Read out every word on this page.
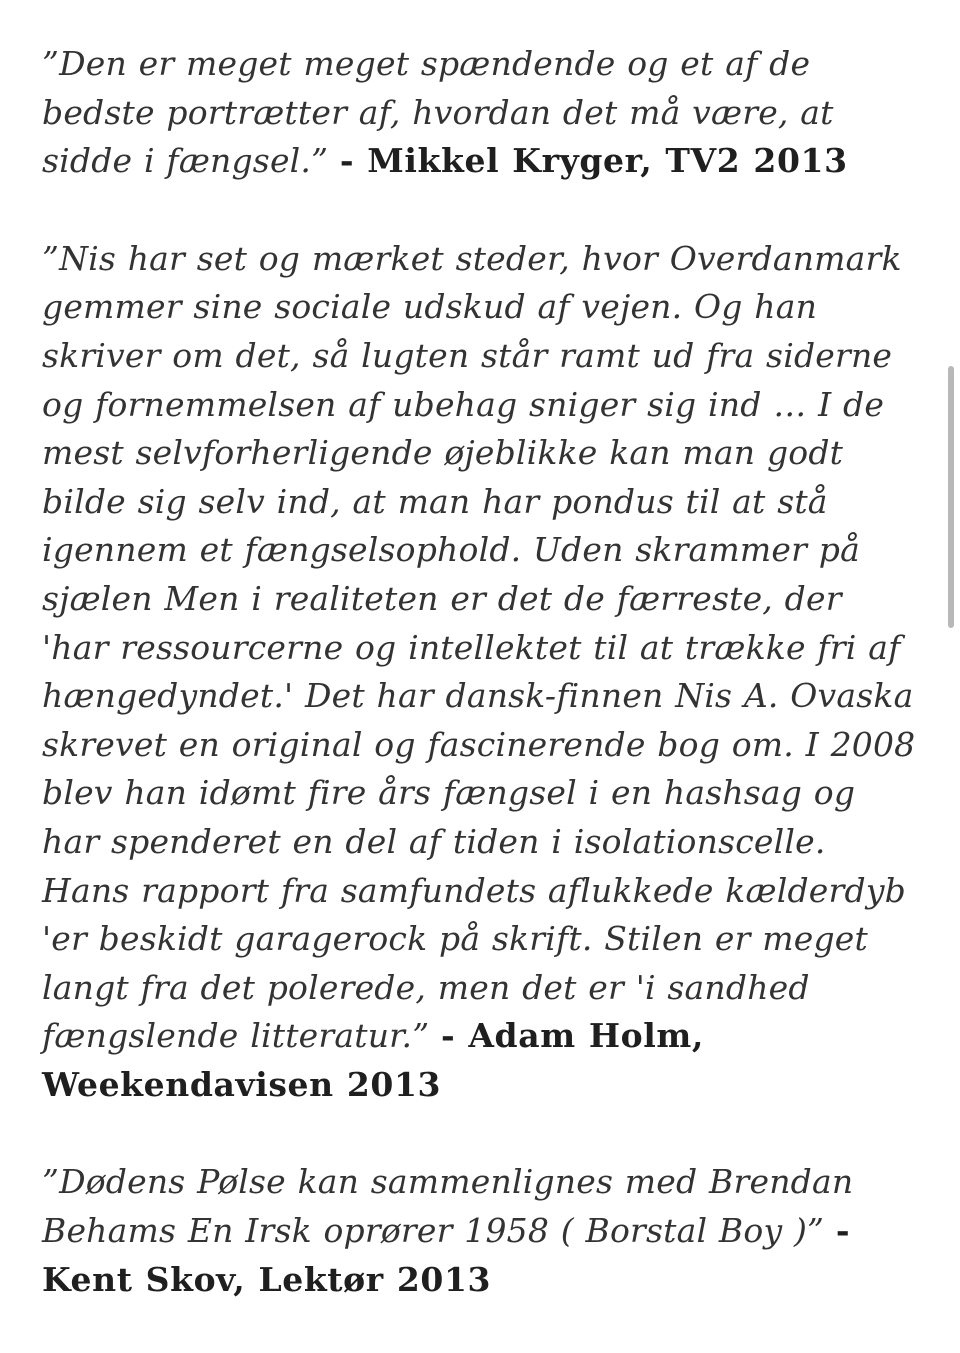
”Den er meget meget spændende og et af de bedste portrætter af, hvordan det må være, at sidde i fængsel.” - Mikkel Kryger, TV2 2013

”Nis har set og mærket steder, hvor Overdanmark gemmer sine sociale udskud af vejen. Og han skriver om det, så lugten står ramt ud fra siderne og fornemmelsen af ubehag sniger sig ind … I de mest selvforherligende øjeblikke kan man godt bilde sig selv ind, at man har pondus til at stå igennem et fængselsophold. Uden skrammer på sjælen Men i realiteten er det de færreste, der 'har ressourcerne og intellektet til at trække fri af hængedyndet.' Det har dansk-finnen Nis A. Ovaska skrevet en original og fascinerende bog om. I 2008 blev han idømt fire års fængsel i en hashsag og har spenderet en del af tiden i isolationscelle. Hans rapport fra samfundets aflukkede kælderdyb 'er beskidt garagerock på skrift. Stilen er meget langt fra det polerede, men det er 'i sandhed fængslende litteratur.” - Adam Holm, Weekendavisen 2013

”Dødens Pølse kan sammenlignes med Brendan Behams En Irsk oprører 1958 ( Borstal Boy )” - Kent Skov, Lektør 2013
